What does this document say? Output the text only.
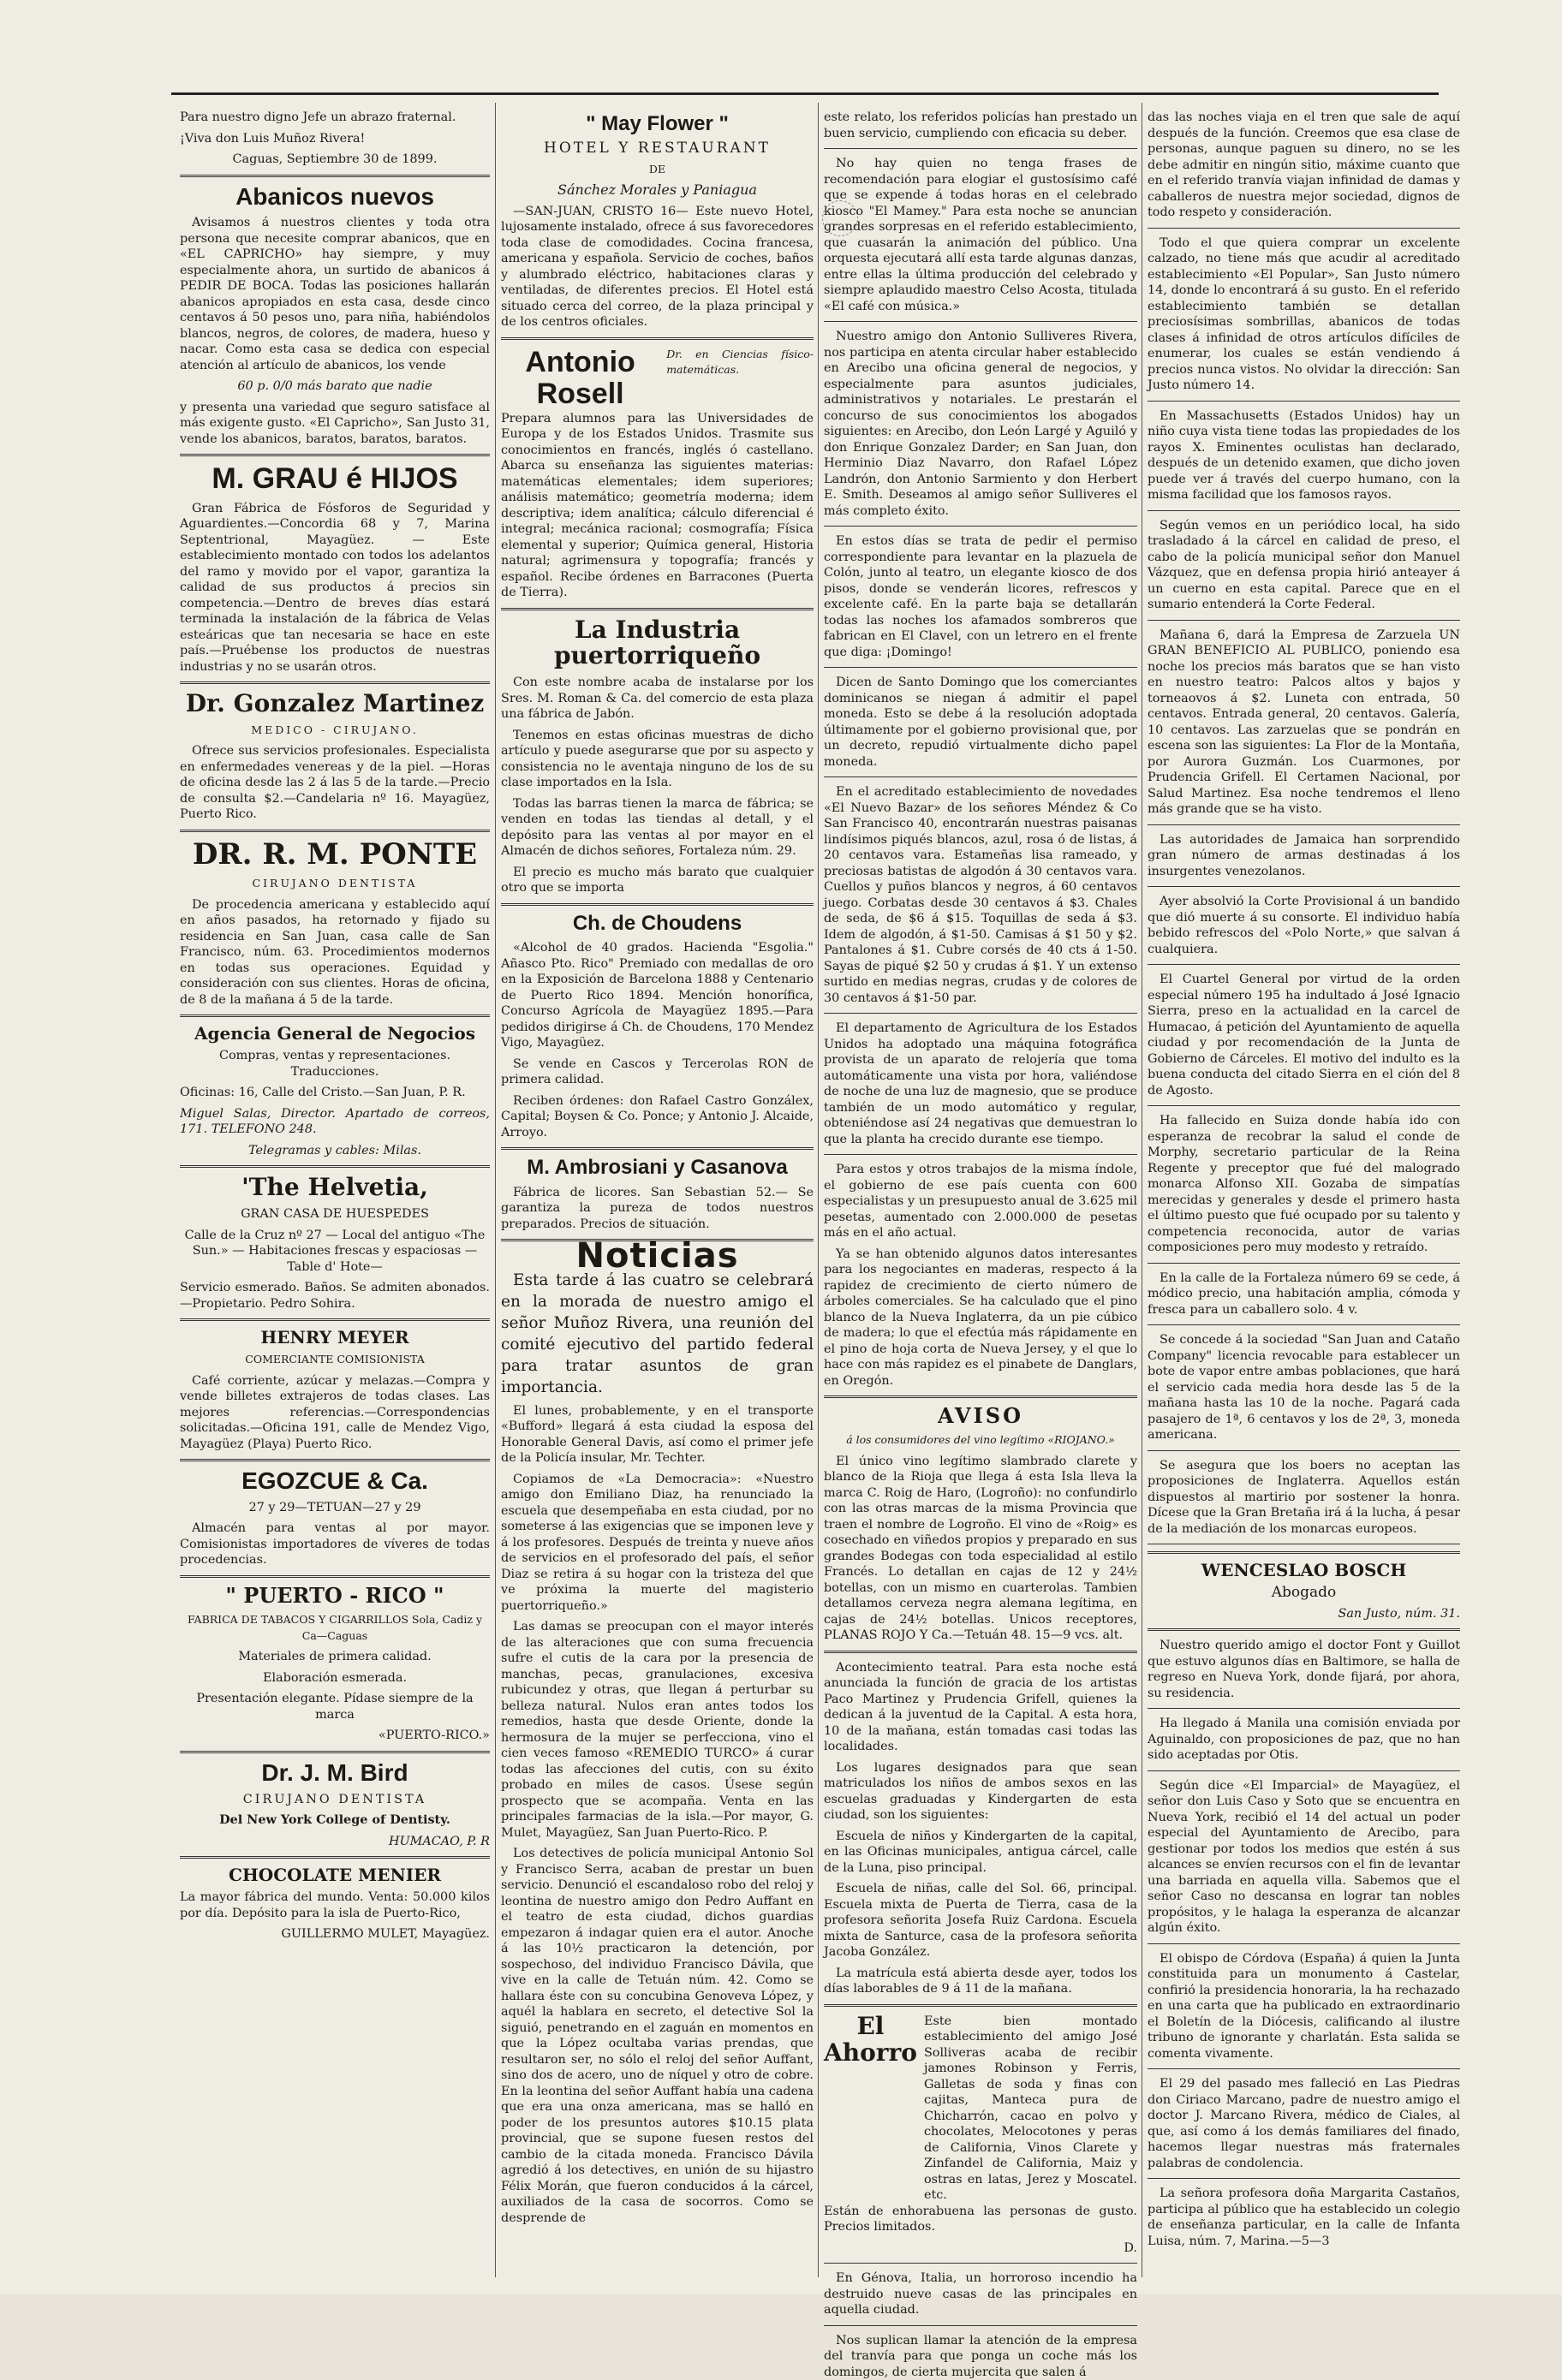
Para nuestro digno Jefe un abrazo fraternal.

¡Viva don Luis Muñoz Rivera!

Caguas, Septiembre 30 de 1899.

Abanicos nuevos

Avisamos á nuestros clientes y toda otra persona que necesite comprar abanicos, que en «EL CAPRICHO» hay siempre, y muy especialmente ahora, un surtido de abanicos á PEDIR DE BOCA. Todas las posiciones hallarán abanicos apropiados en esta casa, desde cinco centavos á 50 pesos uno, para niña, habiéndolos blancos, negros, de colores, de madera, hueso y nacar. Como esta casa se dedica con especial atención al artículo de abanicos, los vende

60 p. 0/0 más barato que nadie

y presenta una variedad que seguro satisface al más exigente gusto. «El Capricho», San Justo 31, vende los abanicos, baratos, baratos, baratos.

M. GRAU é HIJOS

Gran Fábrica de Fósforos de Seguridad y Aguardientes.—Concordia 68 y 7, Marina Septentrional, Mayagüez. — Este establecimiento montado con todos los adelantos del ramo y movido por el vapor, garantiza la calidad de sus productos á precios sin competencia.—Dentro de breves días estará terminada la instalación de la fábrica de Velas esteáricas que tan necesaria se hace en este país.—Pruébense los productos de nuestras industrias y no se usarán otros.

Dr. Gonzalez Martinez

MEDICO - CIRUJANO.

Ofrece sus servicios profesionales. Especialista en enfermedades venereas y de la piel. —Horas de oficina desde las 2 á las 5 de la tarde.—Precio de consulta $2.—Candelaria nº 16. Mayagüez, Puerto Rico.

DR. R. M. PONTE

CIRUJANO DENTISTA

De procedencia americana y establecido aquí en años pasados, ha retornado y fijado su residencia en San Juan, casa calle de San Francisco, núm. 63. Procedimientos modernos en todas sus operaciones. Equidad y consideración con sus clientes. Horas de oficina, de 8 de la mañana á 5 de la tarde.

Agencia General de Negocios

Compras, ventas y representaciones. Traducciones.

Oficinas: 16, Calle del Cristo.—San Juan, P. R.

Miguel Salas, Director. Apartado de correos, 171. TELEFONO 248.

Telegramas y cables: Milas.

'The Helvetia,

GRAN CASA DE HUESPEDES

Calle de la Cruz nº 27 — Local del antiguo «The Sun.» — Habitaciones frescas y espaciosas — Table d' Hote—

Servicio esmerado. Baños. Se admiten abonados.—Propietario. Pedro Sohira.

HENRY MEYER

COMERCIANTE COMISIONISTA

Café corriente, azúcar y melazas.—Compra y vende billetes extrajeros de todas clases. Las mejores referencias.—Correspondencias solicitadas.—Oficina 191, calle de Mendez Vigo, Mayagüez (Playa) Puerto Rico.

EGOZCUE & Ca.

27 y 29—TETUAN—27 y 29

Almacén para ventas al por mayor. Comisionistas importadores de víveres de todas procedencias.

" PUERTO - RICO "

FABRICA DE TABACOS Y CIGARRILLOS Sola, Cadiz y Ca—Caguas

Materiales de primera calidad.

Elaboración esmerada.

Presentación elegante. Pídase siempre de la marca

«PUERTO-RICO.»

Dr. J. M. Bird

CIRUJANO DENTISTA

Del New York College of Dentisty.

HUMACAO, P. R

CHOCOLATE MENIER

La mayor fábrica del mundo. Venta: 50.000 kilos por día. Depósito para la isla de Puerto-Rico,

GUILLERMO MULET, Mayagüez.

" May Flower "

HOTEL Y RESTAURANT

DE

Sánchez Morales y Paniagua

—SAN-JUAN, CRISTO 16— Este nuevo Hotel, lujosamente instalado, ofrece á sus favorecedores toda clase de comodidades. Cocina francesa, americana y española. Servicio de coches, baños y alumbrado eléctrico, habitaciones claras y ventiladas, de diferentes precios. El Hotel está situado cerca del correo, de la plaza principal y de los centros oficiales.

Antonio Rosell
Dr. en Ciencias físico-matemáticas.

Prepara alumnos para las Universidades de Europa y de los Estados Unidos. Trasmite sus conocimientos en francés, inglés ó castellano. Abarca su enseñanza las siguientes materias: matemáticas elementales; idem superiores; análisis matemático; geometría moderna; idem descriptiva; idem analítica; cálculo diferencial é integral; mecánica racional; cosmografía; Física elemental y superior; Química general, Historia natural; agrimensura y topografía; francés y español. Recibe órdenes en Barracones (Puerta de Tierra).

La Industria puertorriqueño

Con este nombre acaba de instalarse por los Sres. M. Roman & Ca. del comercio de esta plaza una fábrica de Jabón.

Tenemos en estas oficinas muestras de dicho artículo y puede asegurarse que por su aspecto y consistencia no le aventaja ninguno de los de su clase importados en la Isla.

Todas las barras tienen la marca de fábrica; se venden en todas las tiendas al detall, y el depósito para las ventas al por mayor en el Almacén de dichos señores, Fortaleza núm. 29.

El precio es mucho más barato que cualquier otro que se importa

Ch. de Choudens

«Alcohol de 40 grados. Hacienda "Esgolia." Añasco Pto. Rico" Premiado con medallas de oro en la Exposición de Barcelona 1888 y Centenario de Puerto Rico 1894. Mención honorífica, Concurso Agrícola de Mayagüez 1895.—Para pedidos dirigirse á Ch. de Choudens, 170 Mendez Vigo, Mayagüez.

Se vende en Cascos y Tercerolas RON de primera calidad.

Reciben órdenes: don Rafael Castro Gonzálex, Capital; Boysen & Co. Ponce; y Antonio J. Alcaide, Arroyo.

M. Ambrosiani y Casanova

Fábrica de licores. San Sebastian 52.— Se garantiza la pureza de todos nuestros preparados. Precios de situación.

Noticias

Esta tarde á las cuatro se celebrará en la morada de nuestro amigo el señor Muñoz Rivera, una reunión del comité ejecutivo del partido federal para tratar asuntos de gran importancia.

El lunes, probablemente, y en el transporte «Bufford» llegará á esta ciudad la esposa del Honorable General Davis, así como el primer jefe de la Policía insular, Mr. Techter.

Copiamos de «La Democracia»: «Nuestro amigo don Emiliano Diaz, ha renunciado la escuela que desempeñaba en esta ciudad, por no someterse á las exigencias que se imponen leve y á los profesores. Después de treinta y nueve años de servicios en el profesorado del país, el señor Diaz se retira á su hogar con la tristeza del que ve próxima la muerte del magisterio puertorriqueño.»

Las damas se preocupan con el mayor interés de las alteraciones que con suma frecuencia sufre el cutis de la cara por la presencia de manchas, pecas, granulaciones, excesiva rubicundez y otras, que llegan á perturbar su belleza natural. Nulos eran antes todos los remedios, hasta que desde Oriente, donde la hermosura de la mujer se perfecciona, vino el cien veces famoso «REMEDIO TURCO» á curar todas las afecciones del cutis, con su éxito probado en miles de casos. Úsese según prospecto que se acompaña. Venta en las principales farmacias de la isla.—Por mayor, G. Mulet, Mayagüez, San Juan Puerto-Rico. P.

Los detectives de policía municipal Antonio Sol y Francisco Serra, acaban de prestar un buen servicio. Denunció el escandaloso robo del reloj y leontina de nuestro amigo don Pedro Auffant en el teatro de esta ciudad, dichos guardias empezaron á indagar quien era el autor. Anoche á las 10½ practicaron la detención, por sospechoso, del individuo Francisco Dávila, que vive en la calle de Tetuán núm. 42. Como se hallara éste con su concubina Genoveva López, y aquél la hablara en secreto, el detective Sol la siguió, penetrando en el zaguán en momentos en que la López ocultaba varias prendas, que resultaron ser, no sólo el reloj del señor Auffant, sino dos de acero, uno de níquel y otro de cobre. En la leontina del señor Auffant había una cadena que era una onza americana, mas se halló en poder de los presuntos autores $10.15 plata provincial, que se supone fuesen restos del cambio de la citada moneda. Francisco Dávila agredió á los detectives, en unión de su hijastro Félix Morán, que fueron conducidos á la cárcel, auxiliados de la casa de socorros. Como se desprende de

este relato, los referidos policías han prestado un buen servicio, cumpliendo con eficacia su deber.

No hay quien no tenga frases de recomendación para elogiar el gustosísimo café que se expende á todas horas en el celebrado kiosco "El Mamey." Para esta noche se anuncian grandes sorpresas en el referido establecimiento, que cuasarán la animación del público. Una orquesta ejecutará allí esta tarde algunas danzas, entre ellas la última producción del celebrado y siempre aplaudido maestro Celso Acosta, titulada «El café con música.»

Nuestro amigo don Antonio Sulliveres Rivera, nos participa en atenta circular haber establecido en Arecibo una oficina general de negocios, y especialmente para asuntos judiciales, administrativos y notariales. Le prestarán el concurso de sus conocimientos los abogados siguientes: en Arecibo, don León Largé y Aguiló y don Enrique Gonzalez Darder; en San Juan, don Herminio Diaz Navarro, don Rafael López Landrón, don Antonio Sarmiento y don Herbert E. Smith. Deseamos al amigo señor Sulliveres el más completo éxito.

En estos días se trata de pedir el permiso correspondiente para levantar en la plazuela de Colón, junto al teatro, un elegante kiosco de dos pisos, donde se venderán licores, refrescos y excelente café. En la parte baja se detallarán todas las noches los afamados sombreros que fabrican en El Clavel, con un letrero en el frente que diga: ¡Domingo!

Dicen de Santo Domingo que los comerciantes dominicanos se niegan á admitir el papel moneda. Esto se debe á la resolución adoptada últimamente por el gobierno provisional que, por un decreto, repudió virtualmente dicho papel moneda.

En el acreditado establecimiento de novedades «El Nuevo Bazar» de los señores Méndez & Co San Francisco 40, encontrarán nuestras paisanas lindísimos piqués blancos, azul, rosa ó de listas, á 20 centavos vara. Estameñas lisa rameado, y preciosas batistas de algodón á 30 centavos vara. Cuellos y puños blancos y negros, á 60 centavos juego. Corbatas desde 30 centavos á $3. Chales de seda, de $6 á $15. Toquillas de seda á $3. Idem de algodón, á $1-50. Camisas á $1 50 y $2. Pantalones á $1. Cubre corsés de 40 cts á 1-50. Sayas de piqué $2 50 y crudas á $1. Y un extenso surtido en medias negras, crudas y de colores de 30 centavos á $1-50 par.

El departamento de Agricultura de los Estados Unidos ha adoptado una máquina fotográfica provista de un aparato de relojería que toma automáticamente una vista por hora, valiéndose de noche de una luz de magnesio, que se produce también de un modo automático y regular, obteniéndose así 24 negativas que demuestran lo que la planta ha crecido durante ese tiempo.

Para estos y otros trabajos de la misma índole, el gobierno de ese país cuenta con 600 especialistas y un presupuesto anual de 3.625 mil pesetas, aumentado con 2.000.000 de pesetas más en el año actual.

Ya se han obtenido algunos datos interesantes para los negociantes en maderas, respecto á la rapidez de crecimiento de cierto número de árboles comerciales. Se ha calculado que el pino blanco de la Nueva Inglaterra, da un pie cúbico de madera; lo que el efectúa más rápidamente en el pino de hoja corta de Nueva Jersey, y el que lo hace con más rapidez es el pinabete de Danglars, en Oregón.

AVISO

á los consumidores del vino legítimo «RIOJANO.»

El único vino legítimo slambrado clarete y blanco de la Rioja que llega á esta Isla lleva la marca C. Roig de Haro, (Logroño): no confundirlo con las otras marcas de la misma Provincia que traen el nombre de Logroño. El vino de «Roig» es cosechado en viñedos propios y preparado en sus grandes Bodegas con toda especialidad al estilo Francés. Lo detallan en cajas de 12 y 24½ botellas, con un mismo en cuarterolas. Tambien detallamos cerveza negra alemana legítima, en cajas de 24½ botellas. Unicos receptores, PLANAS ROJO Y Ca.—Tetuán 48. 15—9 vcs. alt.

Acontecimiento teatral. Para esta noche está anunciada la función de gracia de los artistas Paco Martinez y Prudencia Grifell, quienes la dedican á la juventud de la Capital. A esta hora, 10 de la mañana, están tomadas casi todas las localidades.

Los lugares designados para que sean matriculados los niños de ambos sexos en las escuelas graduadas y Kindergarten de esta ciudad, son los siguientes:

Escuela de niños y Kindergarten de la capital, en las Oficinas municipales, antigua cárcel, calle de la Luna, piso principal.

Escuela de niñas, calle del Sol. 66, principal. Escuela mixta de Puerta de Tierra, casa de la profesora señorita Josefa Ruiz Cardona. Escuela mixta de Santurce, casa de la profesora señorita Jacoba González.

La matrícula está abierta desde ayer, todos los días laborables de 9 á 11 de la mañana.

El Ahorro
Este bien montado establecimiento del amigo José Solliveras acaba de recibir jamones Robinson y Ferris, Galletas de soda y finas con cajitas, Manteca pura de Chicharrón, cacao en polvo y chocolates, Melocotones y peras de California, Vinos Clarete y Zinfandel de California, Maiz y ostras en latas, Jerez y Moscatel. etc.

Están de enhorabuena las personas de gusto. Precios limitados.

D.

En Génova, Italia, un horroroso incendio ha destruido nueve casas de las principales en aquella ciudad.

Nos suplican llamar la atención de la empresa del tranvía para que ponga un coche más los domingos, de cierta mujercita que salen á

das las noches viaja en el tren que sale de aquí después de la función. Creemos que esa clase de personas, aunque paguen su dinero, no se les debe admitir en ningún sitio, máxime cuanto que en el referido tranvía viajan infinidad de damas y caballeros de nuestra mejor sociedad, dignos de todo respeto y consideración.

Todo el que quiera comprar un excelente calzado, no tiene más que acudir al acreditado establecimiento «El Popular», San Justo número 14, donde lo encontrará á su gusto. En el referido establecimiento también se detallan preciosísimas sombrillas, abanicos de todas clases á infinidad de otros artículos difíciles de enumerar, los cuales se están vendiendo á precios nunca vistos. No olvidar la dirección: San Justo número 14.

En Massachusetts (Estados Unidos) hay un niño cuya vista tiene todas las propiedades de los rayos X. Eminentes oculistas han declarado, después de un detenido examen, que dicho joven puede ver á través del cuerpo humano, con la misma facilidad que los famosos rayos.

Según vemos en un periódico local, ha sido trasladado á la cárcel en calidad de preso, el cabo de la policía municipal señor don Manuel Vázquez, que en defensa propia hirió anteayer á un cuerno en esta capital. Parece que en el sumario entenderá la Corte Federal.

Mañana 6, dará la Empresa de Zarzuela UN GRAN BENEFICIO AL PUBLICO, poniendo esa noche los precios más baratos que se han visto en nuestro teatro: Palcos altos y bajos y torneaovos á $2. Luneta con entrada, 50 centavos. Entrada general, 20 centavos. Galería, 10 centavos. Las zarzuelas que se pondrán en escena son las siguientes: La Flor de la Montaña, por Aurora Guzmán. Los Cuarmones, por Prudencia Grifell. El Certamen Nacional, por Salud Martinez. Esa noche tendremos el lleno más grande que se ha visto.

Las autoridades de Jamaica han sorprendido gran número de armas destinadas á los insurgentes venezolanos.

Ayer absolvió la Corte Provisional á un bandido que dió muerte á su consorte. El individuo había bebido refrescos del «Polo Norte,» que salvan á cualquiera.

El Cuartel General por virtud de la orden especial número 195 ha indultado á José Ignacio Sierra, preso en la actualidad en la carcel de Humacao, á petición del Ayuntamiento de aquella ciudad y por recomendación de la Junta de Gobierno de Cárceles. El motivo del indulto es la buena conducta del citado Sierra en el ción del 8 de Agosto.

Ha fallecido en Suiza donde había ido con esperanza de recobrar la salud el conde de Morphy, secretario particular de la Reina Regente y preceptor que fué del malogrado monarca Alfonso XII. Gozaba de simpatías merecidas y generales y desde el primero hasta el último puesto que fué ocupado por su talento y competencia reconocida, autor de varias composiciones pero muy modesto y retraído.

En la calle de la Fortaleza número 69 se cede, á módico precio, una habitación amplia, cómoda y fresca para un caballero solo. 4 v.

Se concede á la sociedad "San Juan and Cataño Company" licencia revocable para establecer un bote de vapor entre ambas poblaciones, que hará el servicio cada media hora desde las 5 de la mañana hasta las 10 de la noche. Pagará cada pasajero de 1ª, 6 centavos y los de 2ª, 3, moneda americana.

Se asegura que los boers no aceptan las proposiciones de Inglaterra. Aquellos están dispuestos al martirio por sostener la honra. Dícese que la Gran Bretaña irá á la lucha, á pesar de la mediación de los monarcas europeos.

WENCESLAO BOSCH

Abogado

San Justo, núm. 31.

Nuestro querido amigo el doctor Font y Guillot que estuvo algunos días en Baltimore, se halla de regreso en Nueva York, donde fijará, por ahora, su residencia.

Ha llegado á Manila una comisión enviada por Aguinaldo, con proposiciones de paz, que no han sido aceptadas por Otis.

Según dice «El Imparcial» de Mayagüez, el señor don Luis Caso y Soto que se encuentra en Nueva York, recibió el 14 del actual un poder especial del Ayuntamiento de Arecibo, para gestionar por todos los medios que estén á sus alcances se envíen recursos con el fin de levantar una barriada en aquella villa. Sabemos que el señor Caso no descansa en lograr tan nobles propósitos, y le halaga la esperanza de alcanzar algún éxito.

El obispo de Córdova (España) á quien la Junta constituida para un monumento á Castelar, confirió la presidencia honoraria, la ha rechazado en una carta que ha publicado en extraordinario el Boletín de la Diócesis, calificando al ilustre tribuno de ignorante y charlatán. Esta salida se comenta vivamente.

El 29 del pasado mes falleció en Las Piedras don Ciriaco Marcano, padre de nuestro amigo el doctor J. Marcano Rivera, médico de Ciales, al que, así como á los demás familiares del finado, hacemos llegar nuestras más fraternales palabras de condolencia.

La señora profesora doña Margarita Castaños, participa al público que ha establecido un colegio de enseñanza particular, en la calle de Infanta Luisa, núm. 7, Marina.—5—3
